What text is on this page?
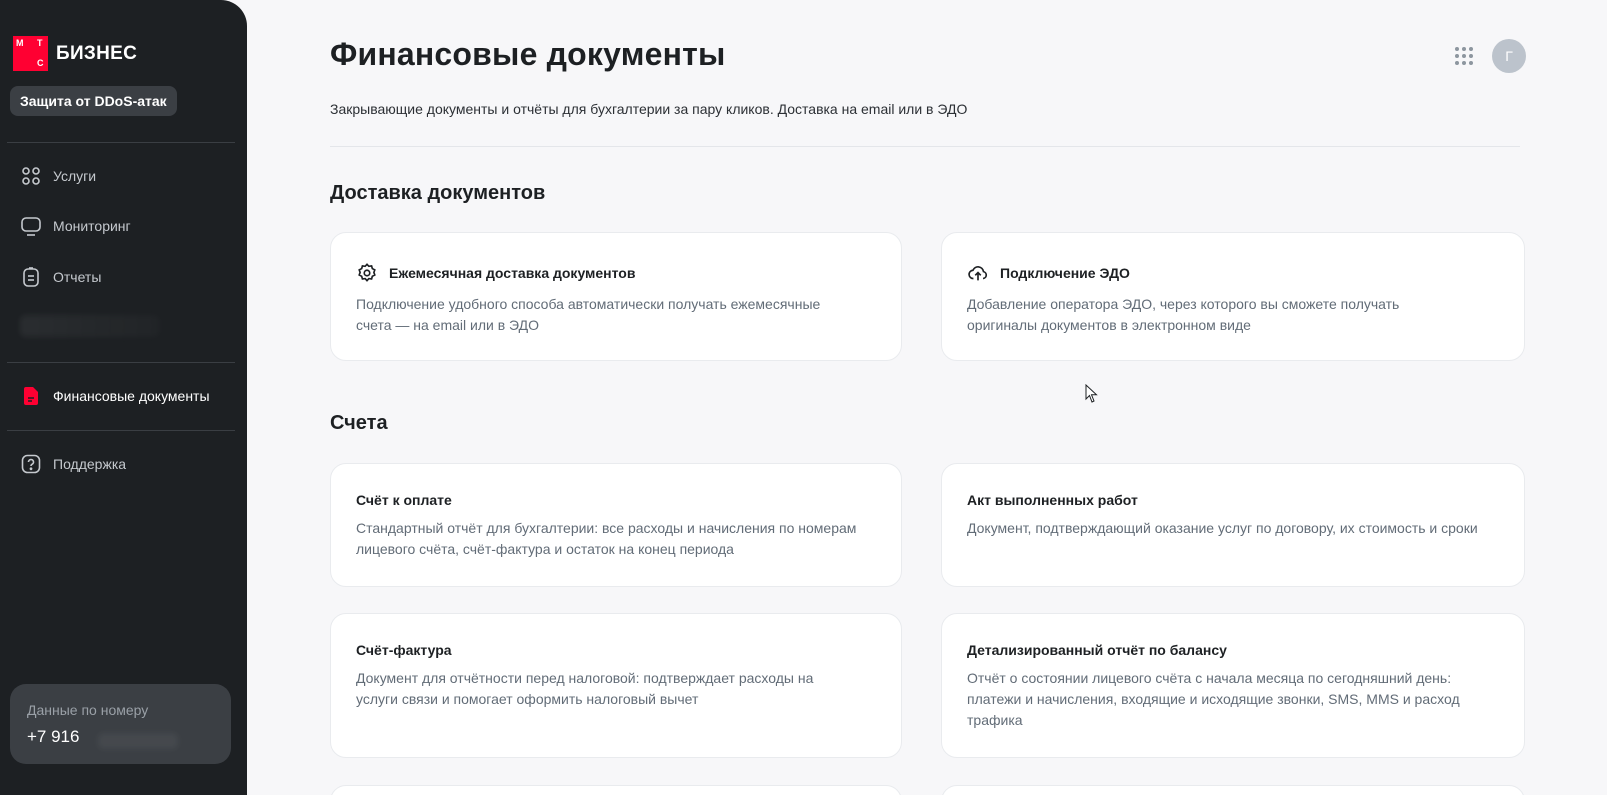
М Т
С БИЗНЕС
Защита от DDoS-атак
Услуги
Мониторинг
Отчеты
Финансовые документы
Поддержка
Данные по номеру
+7 916
Финансовые документы	Г

Закрывающие документы и отчёты для бухгалтерии за пару кликов. Доставка на email или в ЭДО

Доставка документов
Ежемесячная доставка документов
Подключение удобного способа автоматически получать ежемесячные счета — на email или в ЭДО
Подключение ЭДО
Добавление оператора ЭДО, через которого вы сможете получать оригиналы документов в электронном виде
Счета
Счёт к оплате
Стандартный отчёт для бухгалтерии: все расходы и начисления по номерам лицевого счёта, счёт-фактура и остаток на конец периода
Акт выполненных работ
Документ, подтверждающий оказание услуг по договору, их стоимость и сроки
Счёт-фактура
Документ для отчётности перед налоговой: подтверждает расходы на услуги связи и помогает оформить налоговый вычет
Детализированный отчёт по балансу
Отчёт о состоянии лицевого счёта с начала месяца по сегодняшний день: платежи и начисления, входящие и исходящие звонки, SMS, MMS и расход трафика
